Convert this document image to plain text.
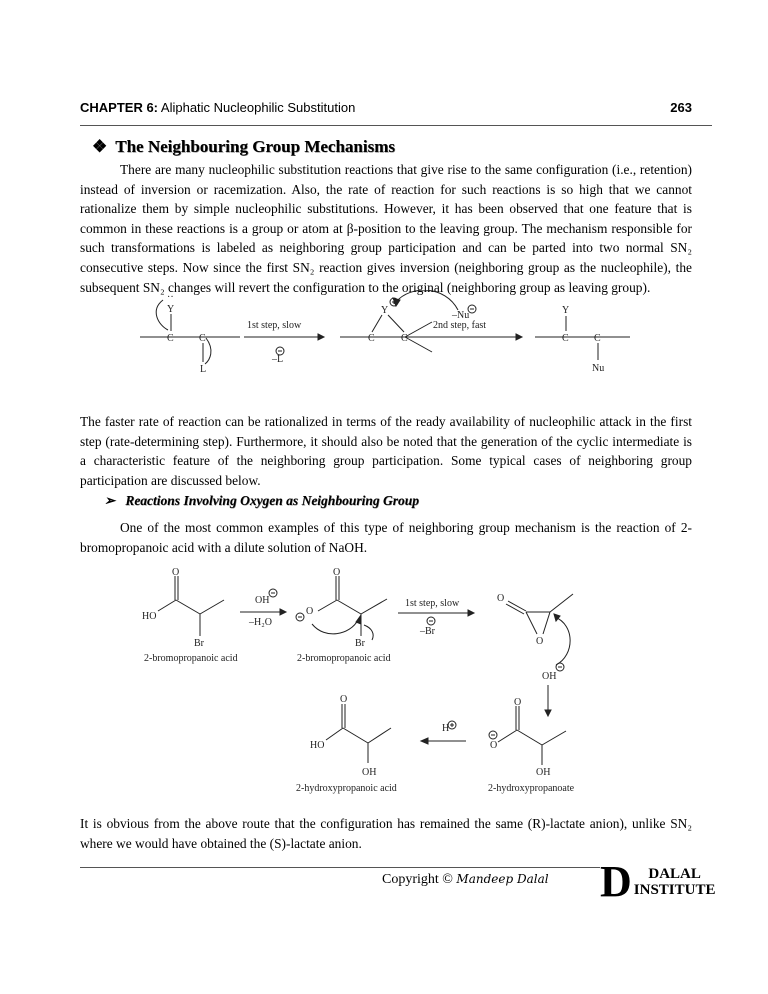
CHAPTER 6: Aliphatic Nucleophilic Substitution	263
❖ The Neighbouring Group Mechanisms
There are many nucleophilic substitution reactions that give rise to the same configuration (i.e., retention) instead of inversion or racemization. Also, the rate of reaction for such reactions is so high that we cannot rationalize them by simple nucleophilic substitutions. However, it has been observed that one feature that is common in these reactions is a group or atom at β-position to the leaving group. The mechanism responsible for such transformations is labeled as neighboring group participation and can be parted into two normal SN₂ consecutive steps. Now since the first SN₂ reaction gives inversion (neighboring group as the nucleophile), the subsequent SN₂ changes will revert the configuration to the original (neighboring group as leaving group).
··
Y
C	C
L
1st step, slow
–L
Y
C	C
–Nu
2nd step, fast
Y
C	C
Nu
The faster rate of reaction can be rationalized in terms of the ready availability of nucleophilic attack in the first step (rate-determining step). Furthermore, it should also be noted that the generation of the cyclic intermediate is a characteristic feature of the neighboring group participation. Some typical cases of neighboring group participation are discussed below.
➢ Reactions Involving Oxygen as Neighbouring Group
One of the most common examples of this type of neighboring group mechanism is the reaction of 2-bromopropanoic acid with a dilute solution of NaOH.
O
HO
Br
2-bromopropanoic acid
OH
–H₂O
O
O
Br
2-bromopropanoic acid
1st step, slow
–Br
O
O
OH
O
O
OH
2-hydroxypropanoate
H
O
HO
OH
2-hydroxypropanoic acid
It is obvious from the above route that the configuration has remained the same (R)-lactate anion), unlike SN₂ where we would have obtained the (S)-lactate anion.
Copyright © Mandeep Dalal D	DALAL
INSTITUTE
